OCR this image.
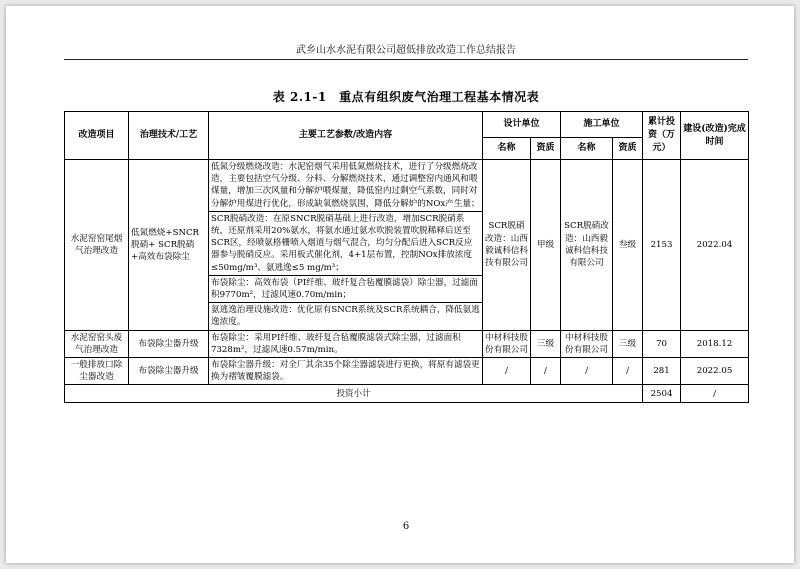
武乡山水水泥有限公司超低排放改造工作总结报告
表 2.1-1　重点有组织废气治理工程基本情况表
改造项目	治理技术/工艺	主要工艺参数/改造内容	设计单位		施工单位		累计投资（万元）	建设(改造)完成时间
			名称	资质	名称	资质		
水泥窑窑尾烟气治理改造	低氮燃烧+SNCR脱硝+ SCR脱硝+高效布袋除尘	低氮分级燃烧改造：水泥窑烟气采用低氮燃烧技术，进行了分级燃烧改造，主要包括空气分级、分料、分解燃烧技术，通过调整窑内通风和喂煤量，增加三次风量和分解炉喂煤量，降低窑内过剩空气系数，同时对分解炉用煤进行优化，形成缺氧燃烧氛围，降低分解炉的NOx产生量；	SCR脱硝改造：山西毅诚科信科技有限公司	甲级	SCR脱硝改造：山西毅诚科信科技有限公司	叁级	2153	2022.04
		SCR脱硝改造：在原SNCR脱硝基础上进行改造，增加SCR脱硝系统，还原剂采用20%氨水，将氨水通过氨水吹脱装置吹脱稀释后送至SCR区，经喷氨格栅喷入烟道与烟气混合，均匀分配后进入SCR反应器参与脱硝反应。采用板式催化剂，4+1层布置，控制NOx排放浓度≤50mg/m³、氨逃逸≤5 mg/m³；						
		布袋除尘：高效布袋（PI纤维、玻纤复合毡覆膜滤袋）除尘器，过滤面积9770m²，过滤风速0.70m/min；						
		氨逃逸治理设施改造：优化原有SNCR系统及SCR系统耦合，降低氨逃逸浓度。						
水泥窑窑头废气治理改造	布袋除尘器升级	布袋除尘：采用PI纤维、玻纤复合毡覆膜滤袋式除尘器，过滤面积7328m²，过滤风速0.57m/min。	中材科技股份有限公司	三级	中材科技股份有限公司	三级	70	2018.12
一般排放口除尘器改造	布袋除尘器升级	布袋除尘器升级：对全厂其余35个除尘器滤袋进行更换，将原有滤袋更换为褶皱覆膜滤袋。	/	/	/	/	281	2022.05
投资小计							2504	/
6
